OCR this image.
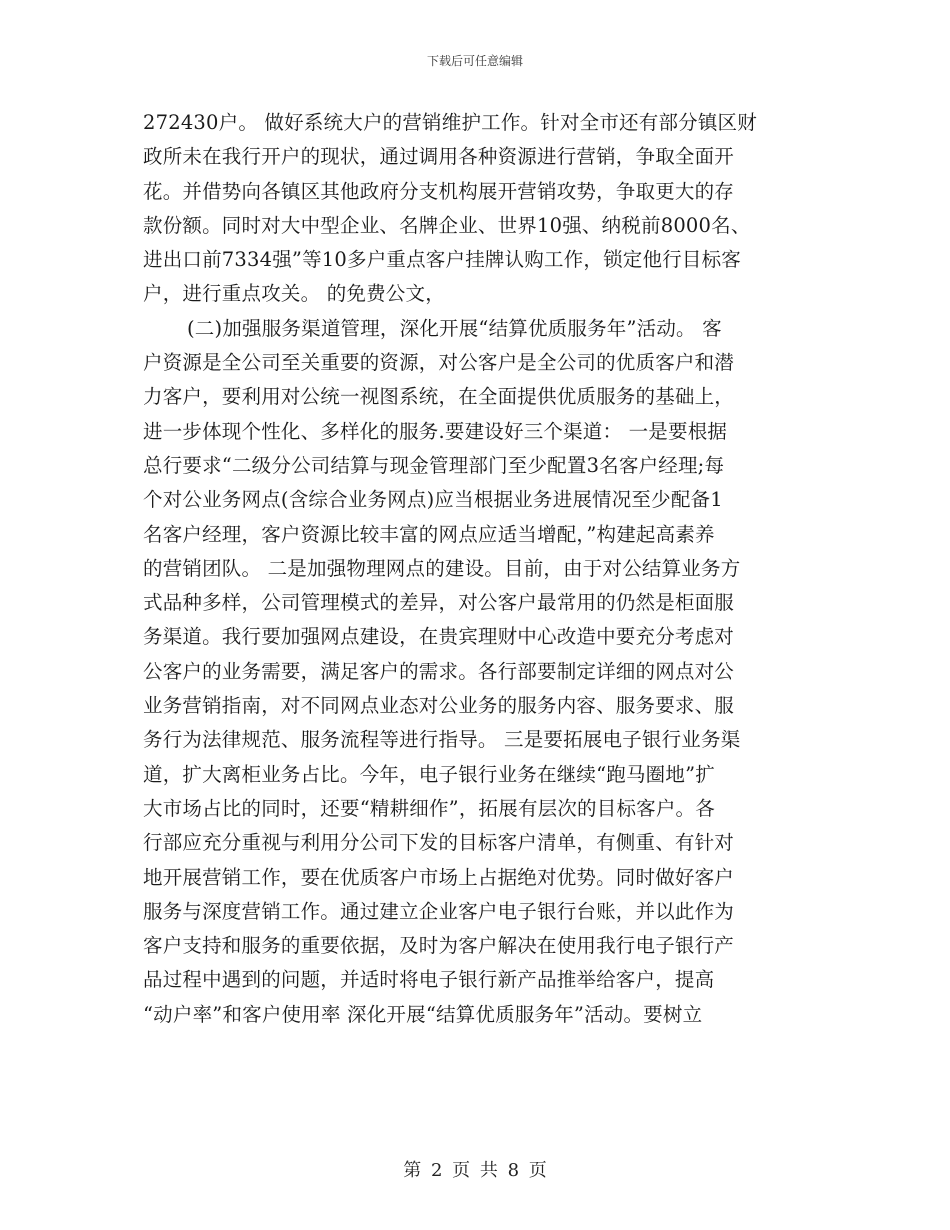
下载后可任意编辑
272430户。 做好系统大户的营销维护工作。针对全市还有部分镇区财
政所未在我行开户的现状，通过调用各种资源进行营销，争取全面开
花。并借势向各镇区其他政府分支机构展开营销攻势，争取更大的存
款份额。同时对大中型企业、名牌企业、世界10强、纳税前8000名、
进出口前7334强”等10多户重点客户挂牌认购工作，锁定他行目标客
户，进行重点攻关。 的免费公文，
(二)加强服务渠道管理，深化开展“结算优质服务年”活动。 客
户资源是全公司至关重要的资源，对公客户是全公司的优质客户和潜
力客户，要利用对公统一视图系统，在全面提供优质服务的基础上，
进一步体现个性化、多样化的服务.要建设好三个渠道： 一是要根据
总行要求“二级分公司结算与现金管理部门至少配置3名客户经理;每
个对公业务网点(含综合业务网点)应当根据业务进展情况至少配备1
名客户经理，客户资源比较丰富的网点应适当增配，”构建起高素养
的营销团队。 二是加强物理网点的建设。目前，由于对公结算业务方
式品种多样，公司管理模式的差异，对公客户最常用的仍然是柜面服
务渠道。我行要加强网点建设，在贵宾理财中心改造中要充分考虑对
公客户的业务需要，满足客户的需求。各行部要制定详细的网点对公
业务营销指南，对不同网点业态对公业务的服务内容、服务要求、服
务行为法律规范、服务流程等进行指导。 三是要拓展电子银行业务渠
道，扩大离柜业务占比。今年，电子银行业务在继续“跑马圈地”扩
大市场占比的同时，还要“精耕细作”，拓展有层次的目标客户。各
行部应充分重视与利用分公司下发的目标客户清单，有侧重、有针对
地开展营销工作，要在优质客户市场上占据绝对优势。同时做好客户
服务与深度营销工作。通过建立企业客户电子银行台账，并以此作为
客户支持和服务的重要依据，及时为客户解决在使用我行电子银行产
品过程中遇到的问题，并适时将电子银行新产品推举给客户，提高
“动户率”和客户使用率 深化开展“结算优质服务年”活动。要树立
第 2 页 共 8 页
